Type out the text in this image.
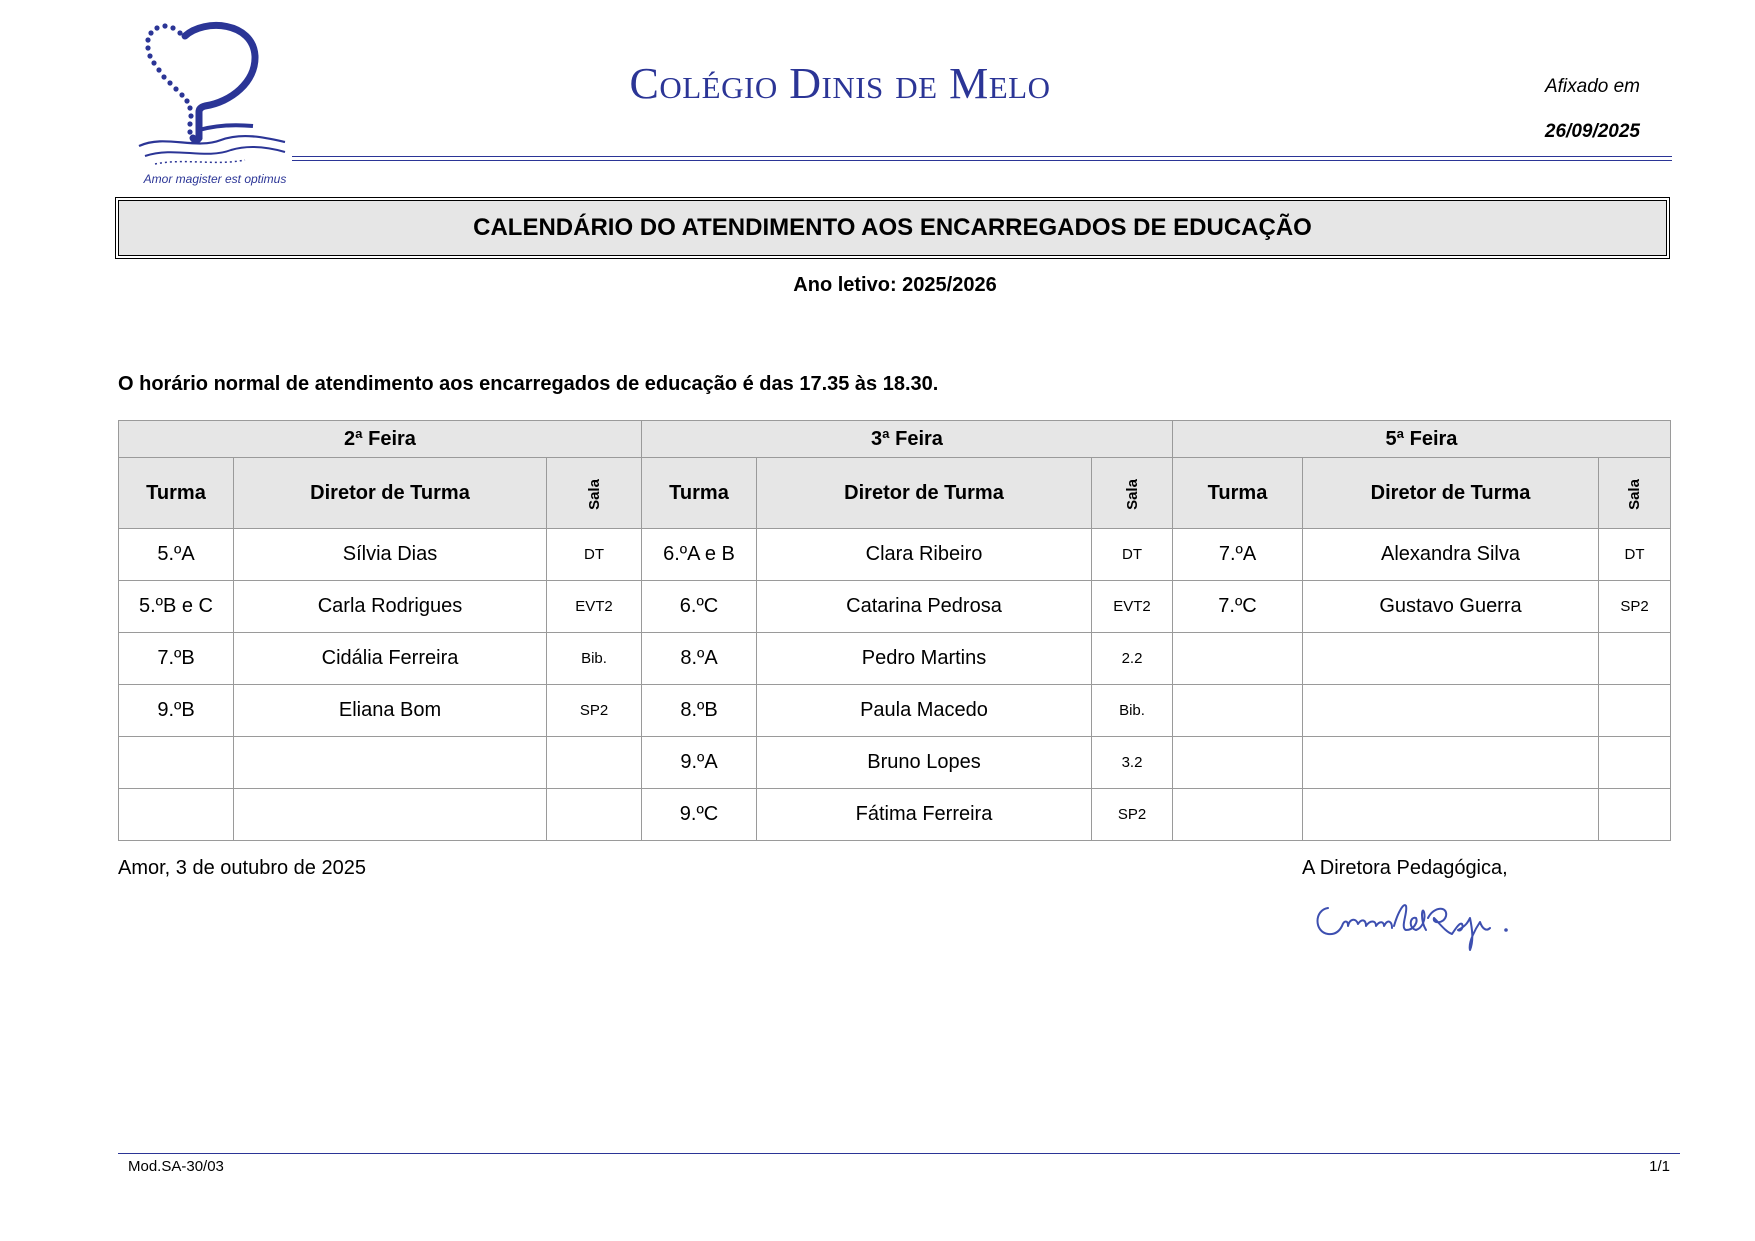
Amor magister est optimus
Colégio Dinis de Melo	Afixado em
26/09/2025
CALENDÁRIO DO ATENDIMENTO AOS ENCARREGADOS DE EDUCAÇÃO
Ano letivo: 2025/2026
O horário normal de atendimento aos encarregados de educação é das 17.35 às 18.30.
2ª Feira			3ª Feira			5ª Feira		
Turma	Diretor de Turma	Sala	Turma	Diretor de Turma	Sala	Turma	Diretor de Turma	Sala
5.ºA	Sílvia Dias	DT	6.ºA e B	Clara Ribeiro	DT	7.ºA	Alexandra Silva	DT
5.ºB e C	Carla Rodrigues	EVT2	6.ºC	Catarina Pedrosa	EVT2	7.ºC	Gustavo Guerra	SP2
7.ºB	Cidália Ferreira	Bib.	8.ºA	Pedro Martins	2.2			
9.ºB	Eliana Bom	SP2	8.ºB	Paula Macedo	Bib.			
			9.ºA	Bruno Lopes	3.2			
			9.ºC	Fátima Ferreira	SP2			
Amor, 3 de outubro de 2025	A Diretora Pedagógica,
Mod.SA-30/03	1/1
